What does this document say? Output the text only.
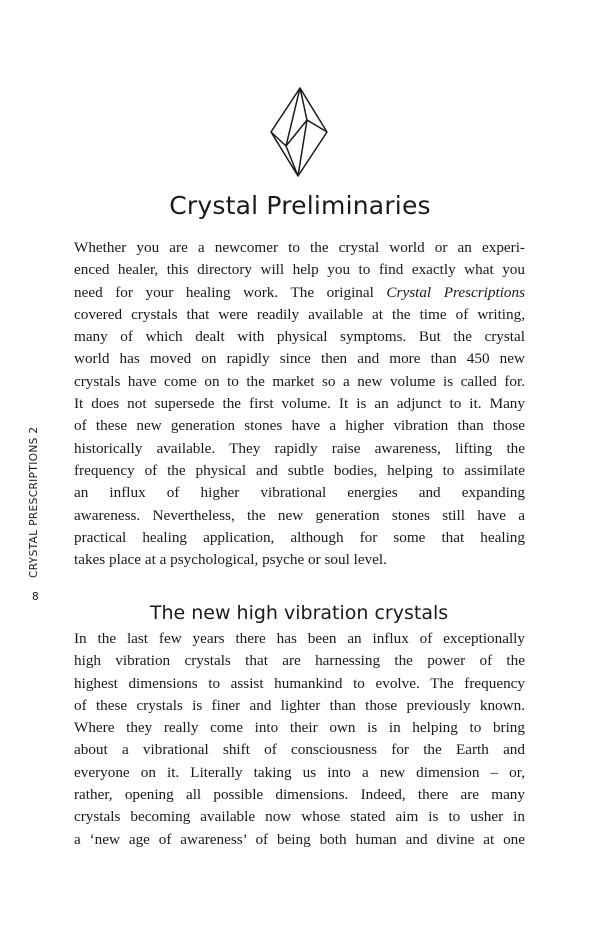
Crystal Preliminaries

Whether you are a newcomer to the crystal world or an experi-
enced healer, this directory will help you to find exactly what you
need for your healing work. The original Crystal Prescriptions
covered crystals that were readily available at the time of writing,
many of which dealt with physical symptoms. But the crystal
world has moved on rapidly since then and more than 450 new
crystals have come on to the market so a new volume is called for.
It does not supersede the first volume. It is an adjunct to it. Many
of these new generation stones have a higher vibration than those
historically available. They rapidly raise awareness, lifting the
frequency of the physical and subtle bodies, helping to assimilate
an influx of higher vibrational energies and expanding
awareness. Nevertheless, the new generation stones still have a
practical healing application, although for some that healing
takes place at a psychological, psyche or soul level.

The new high vibration crystals

In the last few years there has been an influx of exceptionally
high vibration crystals that are harnessing the power of the
highest dimensions to assist humankind to evolve. The frequency
of these crystals is finer and lighter than those previously known.
Where they really come into their own is in helping to bring
about a vibrational shift of consciousness for the Earth and
everyone on it. Literally taking us into a new dimension – or,
rather, opening all possible dimensions. Indeed, there are many
crystals becoming available now whose stated aim is to usher in
a ‘new age of awareness’ of being both human and divine at one

CRYSTAL PRESCRIPTIONS 2
8
